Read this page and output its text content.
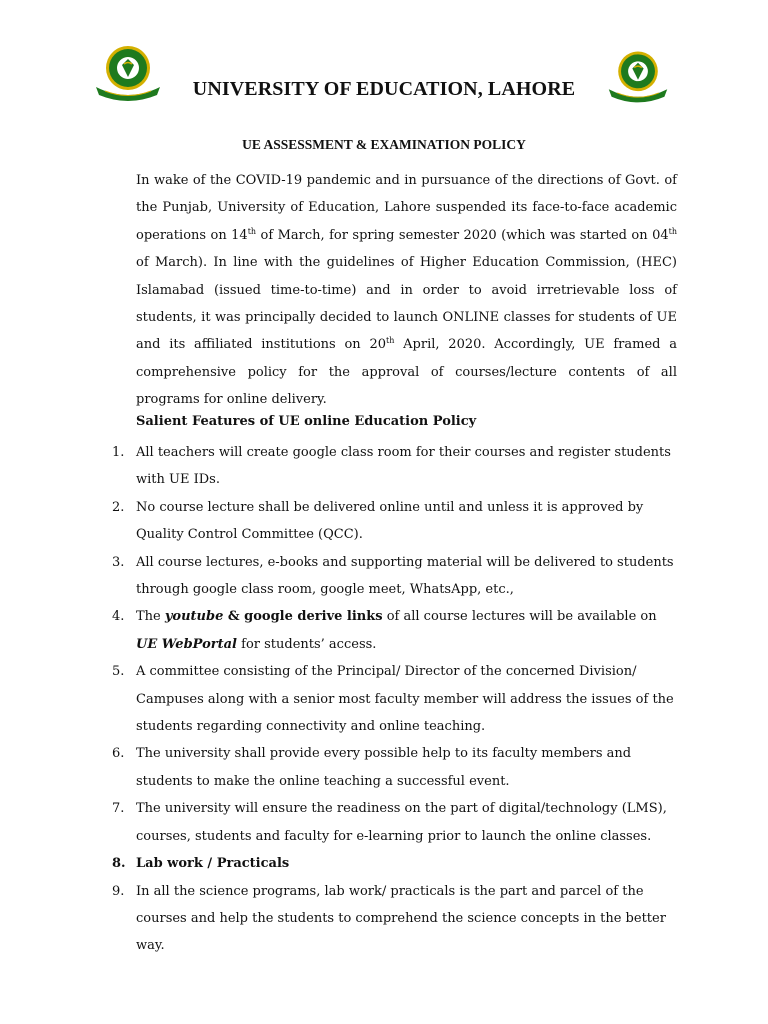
UNIVERSITY OF EDUCATION, LAHORE
UE ASSESSMENT & EXAMINATION POLICY

In wake of the COVID-19 pandemic and in pursuance of the directions of Govt. of the Punjab, University of Education, Lahore suspended its face-to-face academic operations on 14th of March, for spring semester 2020 (which was started on 04th of March). In line with the guidelines of Higher Education Commission, (HEC) Islamabad (issued time-to-time) and in order to avoid irretrievable loss of students, it was principally decided to launch ONLINE classes for students of UE and its affiliated institutions on 20th April, 2020. Accordingly, UE framed a comprehensive policy for the approval of courses/lecture contents of all programs for online delivery.

Salient Features of UE online Education Policy
1. All teachers will create google class room for their courses and register students with UE IDs.
2. No course lecture shall be delivered online until and unless it is approved by Quality Control Committee (QCC).
3. All course lectures, e-books and supporting material will be delivered to students through google class room, google meet, WhatsApp, etc.,
4. The youtube & google derive links of all course lectures will be available on UE WebPortal for students’ access.
5. A committee consisting of the Principal/ Director of the concerned Division/ Campuses along with a senior most faculty member will address the issues of the students regarding connectivity and online teaching.
6. The university shall provide every possible help to its faculty members and students to make the online teaching a successful event.
7. The university will ensure the readiness on the part of digital/technology (LMS), courses, students and faculty for e-learning prior to launch the online classes.
8. Lab work / Practicals
9. In all the science programs, lab work/ practicals is the part and parcel of the courses and help the students to comprehend the science concepts in the better way.
